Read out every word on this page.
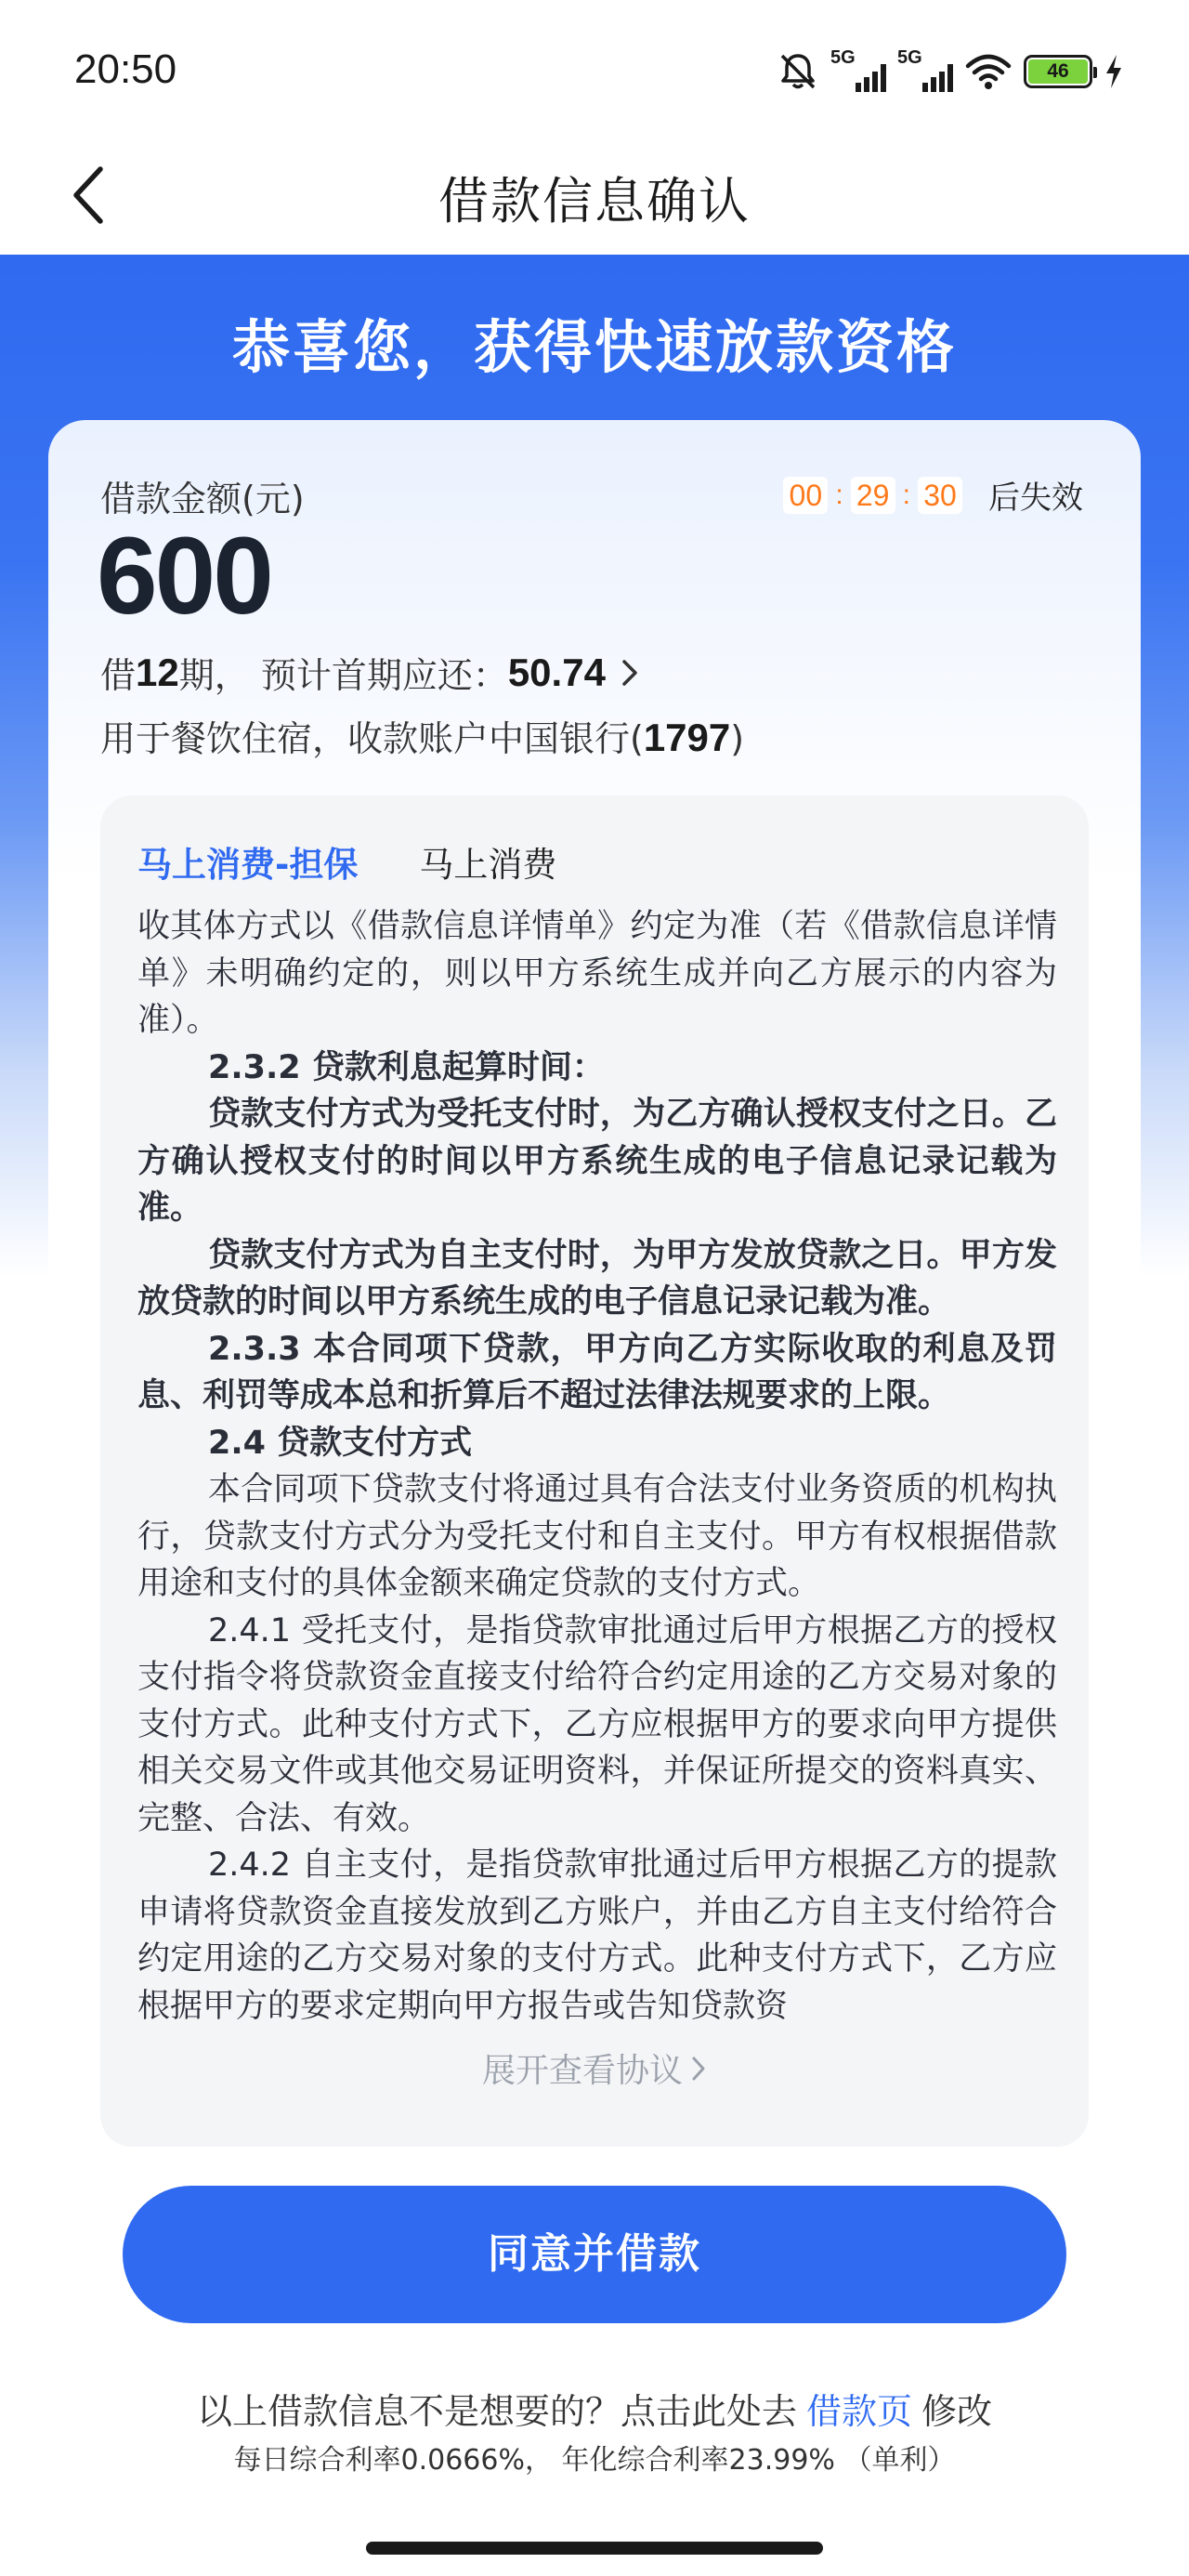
20:50	5G 5G
46
借款信息确认
恭喜您，获得快速放款资格
借款金额(元)	00 : 29 : 30 后失效
600
借 12 期， 预计首期应还： 50.74
用于餐饮住宿，收款账户中国银行(1797)
马上消费-担保 马上消费

收其体方式以《借款信息详情单》约定为准（若《借款信息详情单》未明确约定的，则以甲方系统生成并向乙方展示的内容为准）。

2.3.2 贷款利息起算时间：

贷款支付方式为受托支付时，为乙方确认授权支付之日。乙方确认授权支付的时间以甲方系统生成的电子信息记录记载为准。

贷款支付方式为自主支付时，为甲方发放贷款之日。甲方发放贷款的时间以甲方系统生成的电子信息记录记载为准。

2.3.3 本合同项下贷款，甲方向乙方实际收取的利息及罚息、利罚等成本总和折算后不超过法律法规要求的上限。

2.4 贷款支付方式

本合同项下贷款支付将通过具有合法支付业务资质的机构执行，贷款支付方式分为受托支付和自主支付。甲方有权根据借款用途和支付的具体金额来确定贷款的支付方式。

2.4.1 受托支付，是指贷款审批通过后甲方根据乙方的授权支付指令将贷款资金直接支付给符合约定用途的乙方交易对象的支付方式。此种支付方式下，乙方应根据甲方的要求向甲方提供相关交易文件或其他交易证明资料，并保证所提交的资料真实、完整、合法、有效。

2.4.2 自主支付，是指贷款审批通过后甲方根据乙方的提款申请将贷款资金直接发放到乙方账户，并由乙方自主支付给符合约定用途的乙方交易对象的支付方式。此种支付方式下，乙方应根据甲方的要求定期向甲方报告或告知贷款资

展开查看协议
同意并借款
以上借款信息不是想要的？点击此处去 借款页 修改
每日综合利率0.0666%， 年化综合利率23.99% （单利）
